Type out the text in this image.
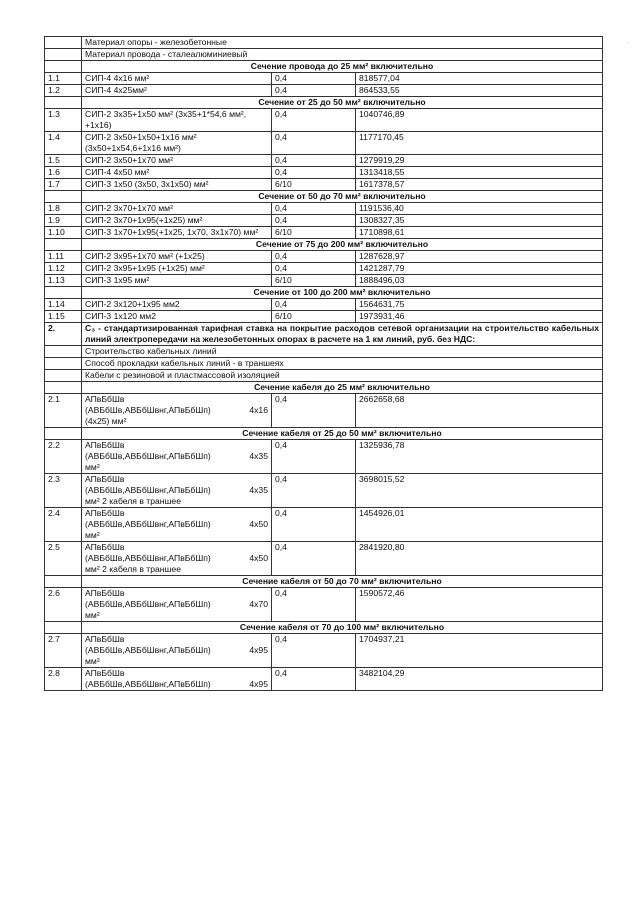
	Материал опоры - железобетонные		
	Материал провода - сталеалюминиевый		
	Сечение провода до 25 мм² включительно		
1.1	СИП-4 4х16 мм²	0,4	818577,04
1.2	СИП-4 4х25мм²	0,4	864533,55
	Сечение от 25 до 50 мм² включительно		
1.3	СИП-2 3х35+1х50 мм² (3х35+1*54,6 мм², +1х16)	0,4	1040746,89
1.4	СИП-2 3х50+1х50+1х16 мм² (3х50+1х54,6+1х16 мм²)	0,4	1177170,45
1.5	СИП-2 3х50+1х70 мм²	0,4	1279919,29
1.6	СИП-4 4х50 мм²	0,4	1313418,55
1.7	СИП-3 1х50 (3х50, 3х1х50) мм²	6/10	1617378,57
	Сечение от 50 до 70 мм² включительно		
1.8	СИП-2 3х70+1х70 мм²	0,4	1191536,40
1.9	СИП-2 3х70+1х95(+1х25) мм²	0,4	1308327,35
1.10	СИП-3 1х70+1х95(+1х25, 1х70, 3х1х70) мм²	6/10	1710898,61
	Сечение от 75 до 200 мм² включительно		
1.11	СИП-2 3х95+1х70 мм² (+1х25)	0,4	1287628,97
1.12	СИП-2 3х95+1х95 (+1х25) мм²	0,4	1421287,79
1.13	СИП-3 1х95 мм²	6/10	1888496,03
	Сечение от 100 до 200 мм² включительно		
1.14	СИП-2 3х120+1х95 мм2	0,4	1564631,75
1.15	СИП-3 1х120 мм2	6/10	1973931,46
2.	С₃ - стандартизированная тарифная ставка на покрытие расходов сетевой организации на строительство кабельных линий электропередачи на железобетонных опорах в расчете на 1 км линий, руб. без НДС:		
	Строительство кабельных линий		
	Способ прокладки кабельных линий - в траншеях		
	Кабели с резиновой и пластмассовой изоляцией		
	Сечение кабеля до 25 мм² включительно		
2.1	АПвБбШв
4х16
(АВБбШв,АВБбШвнг,АПвБбШп)
(4х25) мм²	0,4	2662658,68
	Сечение кабеля от 25 до 50 мм² включительно		
2.2	АПвБбШв
4х35
(АВБбШв,АВБбШвнг,АПвБбШп)
мм²	0,4	1325936,78
2.3	АПвБбШв
4х35
(АВБбШв,АВБбШвнг,АПвБбШп)
мм² 2 кабеля в траншее	0,4	3698015,52
2.4	АПвБбШв
4х50
(АВБбШв,АВБбШвнг,АПвБбШп)
мм²	0,4	1454926,01
2.5	АПвБбШв
4х50
(АВБбШв,АВБбШвнг,АПвБбШп)
мм² 2 кабеля в траншее	0,4	2841920,80
	Сечение кабеля от 50 до 70 мм² включительно		
2.6	АПвБбШв
4х70
(АВБбШв,АВБбШвнг,АПвБбШп)
мм²	0,4	1590572,46
	Сечение кабеля от 70 до 100 мм² включительно		
2.7	АПвБбШв
4х95
(АВБбШв,АВБбШвнг,АПвБбШп)
мм²	0,4	1704937,21
2.8	АПвБбШв
4х95
(АВБбШв,АВБбШвнг,АПвБбШп)	0,4	3482104,29
·
